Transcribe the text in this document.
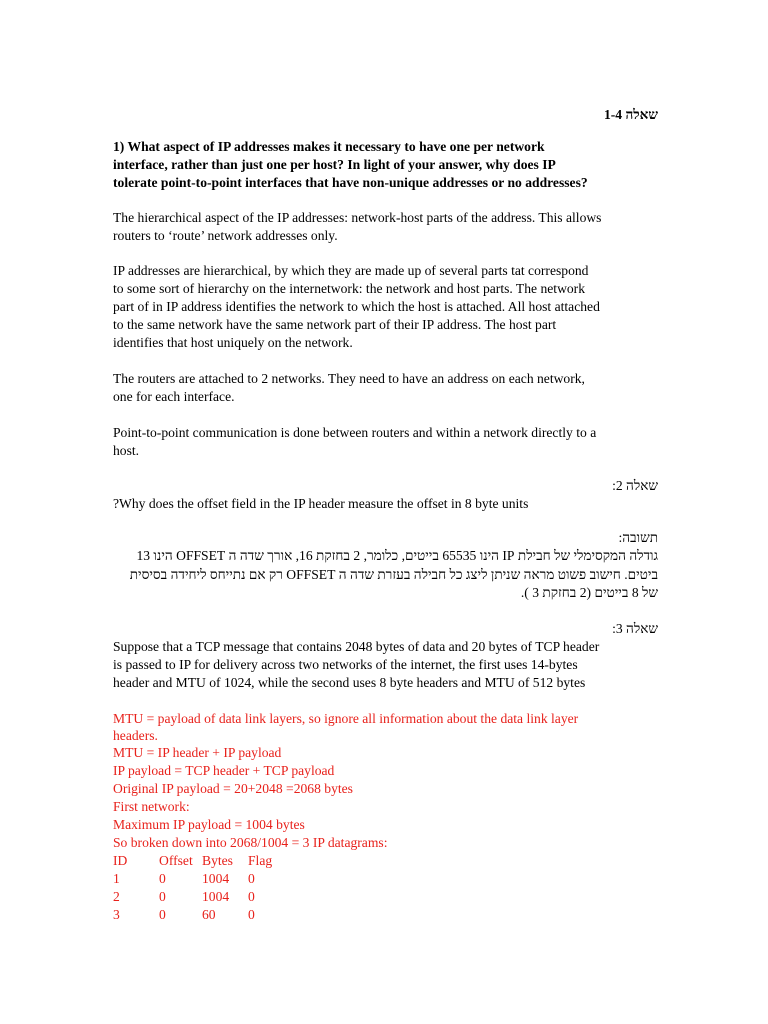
שאלה 1-4
1) What aspect of IP addresses makes it necessary to have one per network
interface, rather than just one per host? In light of your answer, why does IP
tolerate point-to-point interfaces that have non-unique addresses or no addresses?
The hierarchical aspect of the IP addresses: network-host parts of the address. This allows
routers to ‘route’ network addresses only.
IP addresses are hierarchical, by which they are made up of several parts tat correspond
to some sort of hierarchy on the internetwork: the network and host parts. The network
part of in IP address identifies the network to which the host is attached. All host attached
to the same network have the same network part of their IP address. The host part
identifies that host uniquely on the network.
The routers are attached to 2 networks. They need to have an address on each network,
one for each interface.
Point-to-point communication is done between routers and within a network directly to a
host.
שאלה 2:
?Why does the offset field in the IP header measure the offset in 8 byte units
תשובה:
גודלה המקסימלי של חבילת IP הינו 65535 בייטים, כלומר, 2 בחזקת 16, אורך שדה ה OFFSET הינו 13
ביטים. חישוב פשוט מראה שניתן ליצג כל חבילה בעזרת שדה ה OFFSET רק אם נתייחס ליחידה בסיסית
של 8 בייטים (2 בחזקת 3 ).
שאלה 3:
Suppose that a TCP message that contains 2048 bytes of data and 20 bytes of TCP header
is passed to IP for delivery across two networks of the internet, the first uses 14-bytes
header and MTU of 1024, while the second uses 8 byte headers and MTU of 512 bytes
MTU = payload of data link layers, so ignore all information about the data link layer
headers.
MTU = IP header + IP payload
IP payload = TCP header + TCP payload
Original IP payload = 20+2048 =2068 bytes
First network:
Maximum IP payload = 1004 bytes
So broken down into 2068/1004 = 3 IP datagrams:
ID	Offset	Bytes	Flag
1	0	1004	0
2	0	1004	0
3	0	60	0
